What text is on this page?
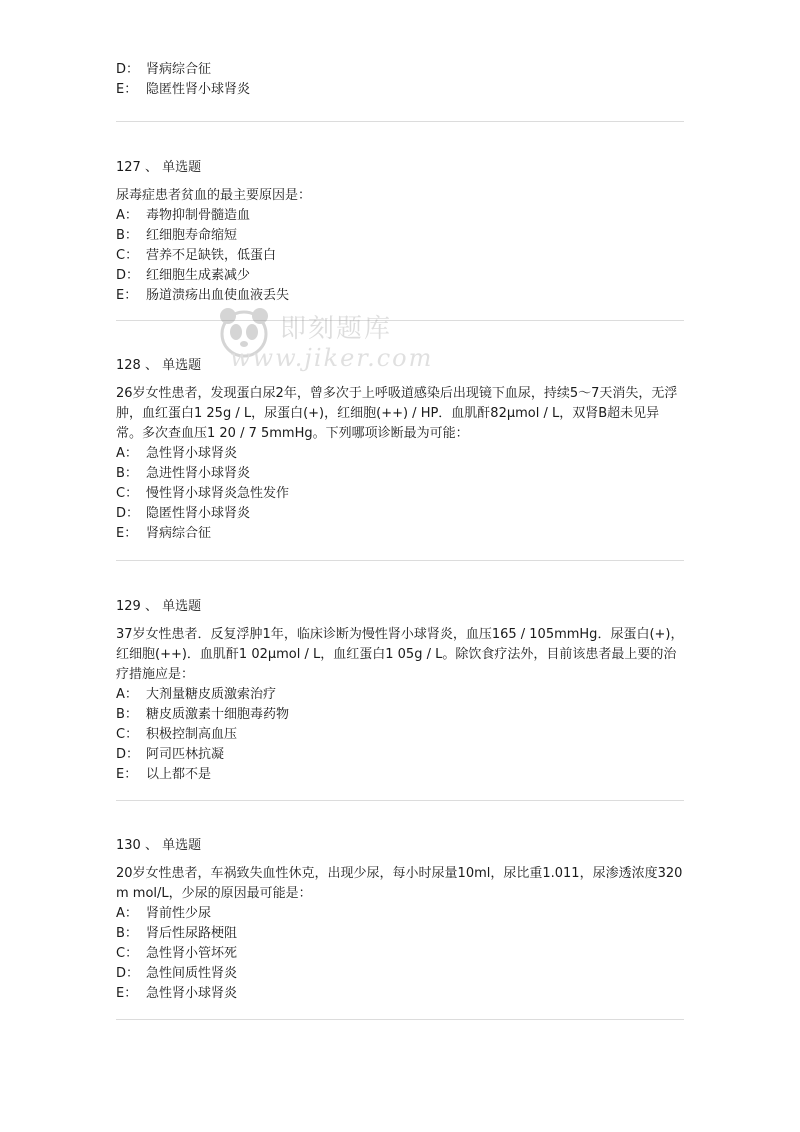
D： 肾病综合征
E： 隐匿性肾小球肾炎
127 、 单选题
尿毒症患者贫血的最主要原因是：
A： 毒物抑制骨髓造血
B： 红细胞寿命缩短
C： 营养不足缺铁，低蛋白
D： 红细胞生成素减少
E： 肠道溃疡出血使血液丢失
128 、 单选题
26岁女性患者，发现蛋白尿2年，曾多次于上呼吸道感染后出现镜下血尿，持续5～7天消失，无浮肿，血红蛋白1 25g / L，尿蛋白(+)，红细胞(++) / HP．血肌酐82μmol / L，双肾B超未见异常。多次查血压1 20 / 7 5mmHg。下列哪项诊断最为可能：
A： 急性肾小球肾炎
B： 急进性肾小球肾炎
C： 慢性肾小球肾炎急性发作
D： 隐匿性肾小球肾炎
E： 肾病综合征
129 、 单选题
37岁女性患者．反复浮肿1年，临床诊断为慢性肾小球肾炎，血压165 / 105mmHg．尿蛋白(+)，红细胞(++)．血肌酐1 02μmol / L，血红蛋白1 05g / L。除饮食疗法外，目前该患者最上要的治疗措施应是：
A： 大剂量糖皮质激索治疗
B： 糖皮质激素十细胞毒药物
C： 积极控制高血压
D： 阿司匹林抗凝
E： 以上都不是
130 、 单选题
20岁女性患者，车祸致失血性休克，出现少尿，每小时尿量10ml，尿比重1.011，尿渗透浓度320 m mol/L，少尿的原因最可能是：
A： 肾前性少尿
B： 肾后性尿路梗阻
C： 急性肾小管坏死
D： 急性间质性肾炎
E： 急性肾小球肾炎
即刻题库
www.jiker.com
